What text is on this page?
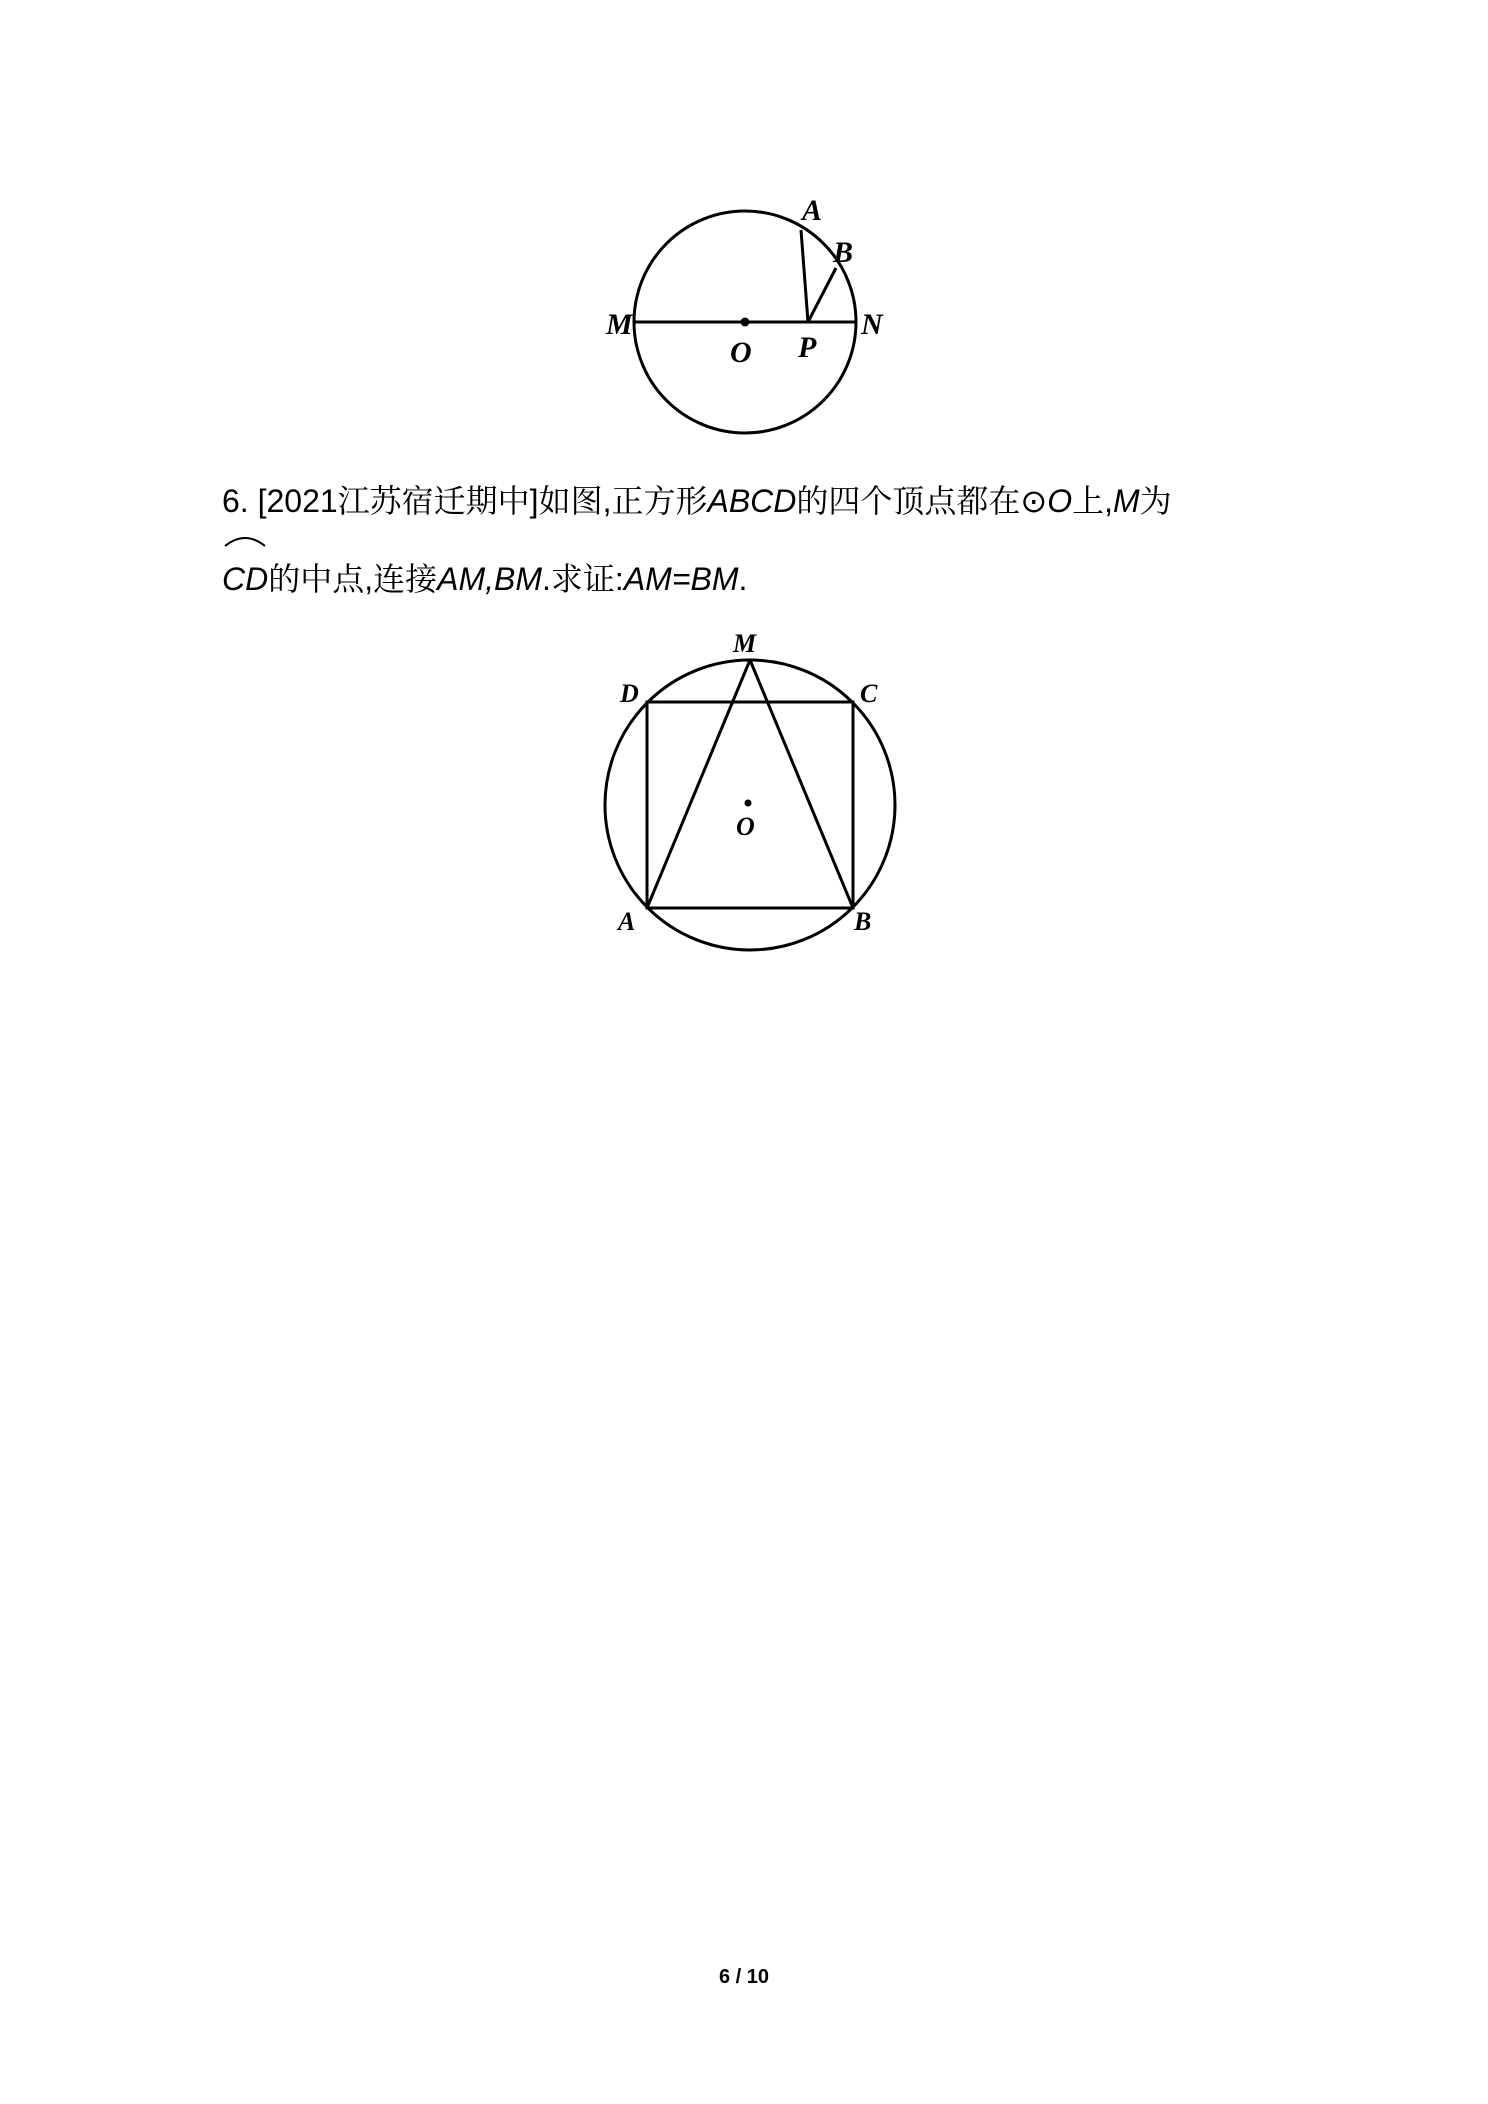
A
B
M	N
O P
6. [2021江苏宿迁期中]如图,正方形ABCD的四个顶点都在⊙O上,M为
CD的中点,连接AM,BM.求证:AM=BM.
M
D	C
O
A	B
6 / 10
